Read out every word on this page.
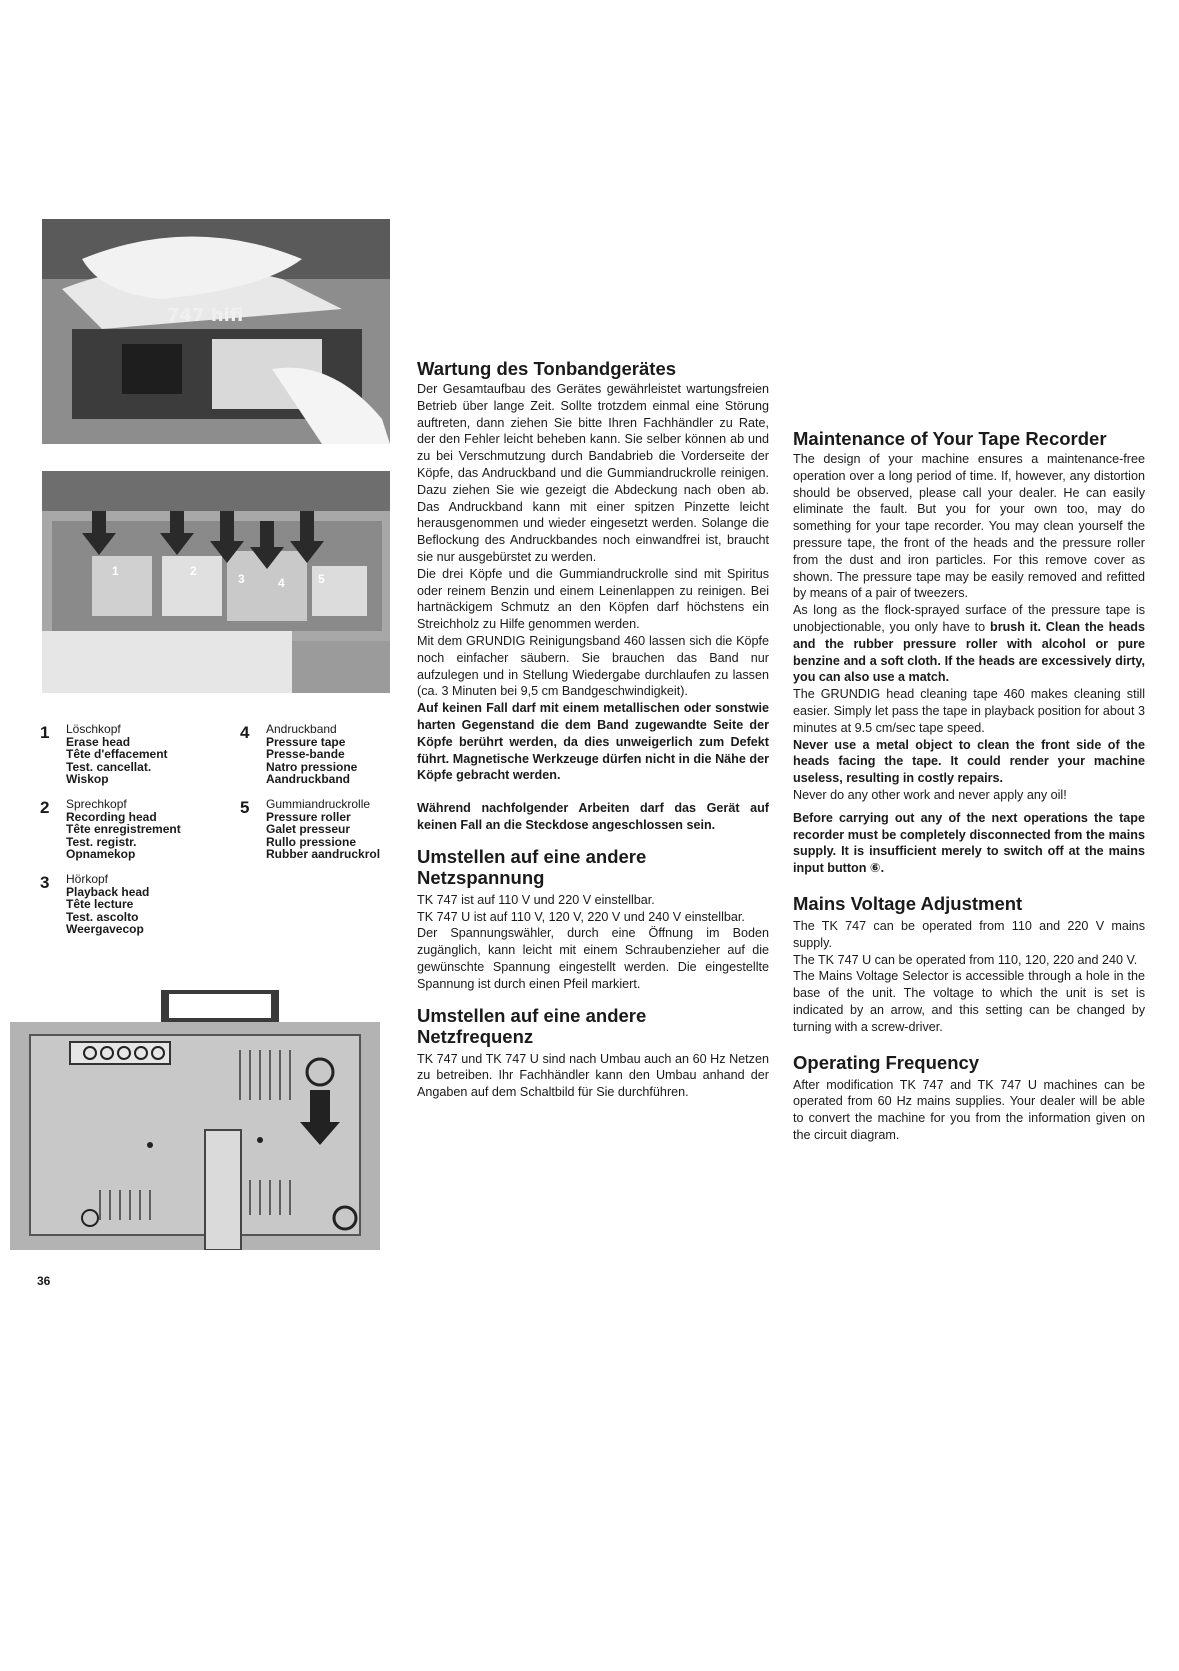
747 hifi
1	2
3	4	5
1 Löschkopf
Erase head
Tête d'effacement
Test. cancellat.
Wiskop
2 Sprechkopf
Recording head
Tête enregistrement
Test. registr.
Opnamekop
3 Hörkopf
Playback head
Tête lecture
Test. ascolto
Weergavecop
4 Andruckband
Pressure tape
Presse-bande
Natro pressione
Aandruckband
5 Gummiandruckrolle
Pressure roller
Galet presseur
Rullo pressione
Rubber aandruckrol
36
Wartung des Tonbandgerätes

Der Gesamtaufbau des Gerätes gewährleistet wartungsfreien Betrieb über lange Zeit. Sollte trotzdem einmal eine Störung auftreten, dann ziehen Sie bitte Ihren Fachhändler zu Rate, der den Fehler leicht beheben kann. Sie selber können ab und zu bei Verschmutzung durch Bandabrieb die Vorderseite der Köpfe, das Andruckband und die Gummiandruckrolle reinigen. Dazu ziehen Sie wie gezeigt die Abdeckung nach oben ab. Das Andruckband kann mit einer spitzen Pinzette leicht herausgenommen und wieder eingesetzt werden. Solange die Beflockung des Andruckbandes noch einwandfrei ist, braucht sie nur ausgebürstet zu werden.

Die drei Köpfe und die Gummiandruckrolle sind mit Spiritus oder reinem Benzin und einem Leinenlappen zu reinigen. Bei hartnäckigem Schmutz an den Köpfen darf höchstens ein Streichholz zu Hilfe genommen werden.

Mit dem GRUNDIG Reinigungsband 460 lassen sich die Köpfe noch einfacher säubern. Sie brauchen das Band nur aufzulegen und in Stellung Wiedergabe durchlaufen zu lassen (ca. 3 Minuten bei 9,5 cm Bandgeschwindigkeit).

Auf keinen Fall darf mit einem metallischen oder sonstwie harten Gegenstand die dem Band zugewandte Seite der Köpfe berührt werden, da dies unweigerlich zum Defekt führt. Magnetische Werkzeuge dürfen nicht in die Nähe der Köpfe gebracht werden.

Während nachfolgender Arbeiten darf das Gerät auf keinen Fall an die Steckdose angeschlossen sein.

Umstellen auf eine andere Netzspannung

TK 747 ist auf 110 V und 220 V einstellbar.

TK 747 U ist auf 110 V, 120 V, 220 V und 240 V einstellbar.

Der Spannungswähler, durch eine Öffnung im Boden zugänglich, kann leicht mit einem Schraubenzieher auf die gewünschte Spannung eingestellt werden. Die eingestellte Spannung ist durch einen Pfeil markiert.

Umstellen auf eine andere Netzfrequenz

TK 747 und TK 747 U sind nach Umbau auch an 60 Hz Netzen zu betreiben. Ihr Fachhändler kann den Umbau anhand der Angaben auf dem Schaltbild für Sie durchführen.

Maintenance of Your Tape Recorder

The design of your machine ensures a maintenance-free operation over a long period of time. If, however, any distortion should be observed, please call your dealer. He can easily eliminate the fault. But you for your own too, may do something for your tape recorder. You may clean yourself the pressure tape, the front of the heads and the pressure roller from the dust and iron particles. For this remove cover as shown. The pressure tape may be easily removed and refitted by means of a pair of tweezers.

As long as the flock-sprayed surface of the pressure tape is unobjectionable, you only have to brush it. Clean the heads and the rubber pressure roller with alcohol or pure benzine and a soft cloth. If the heads are excessively dirty, you can also use a match.

The GRUNDIG head cleaning tape 460 makes cleaning still easier. Simply let pass the tape in playback position for about 3 minutes at 9.5 cm/sec tape speed.

Never use a metal object to clean the front side of the heads facing the tape. It could render your machine useless, resulting in costly repairs.

Never do any other work and never apply any oil!

Before carrying out any of the next operations the tape recorder must be completely disconnected from the mains supply. It is insufficient merely to switch off at the mains input button ⑥.

Mains Voltage Adjustment

The TK 747 can be operated from 110 and 220 V mains supply.

The TK 747 U can be operated from 110, 120, 220 and 240 V.

The Mains Voltage Selector is accessible through a hole in the base of the unit. The voltage to which the unit is set is indicated by an arrow, and this setting can be changed by turning with a screw-driver.

Operating Frequency

After modification TK 747 and TK 747 U machines can be operated from 60 Hz mains supplies. Your dealer will be able to convert the machine for you from the information given on the circuit diagram.
